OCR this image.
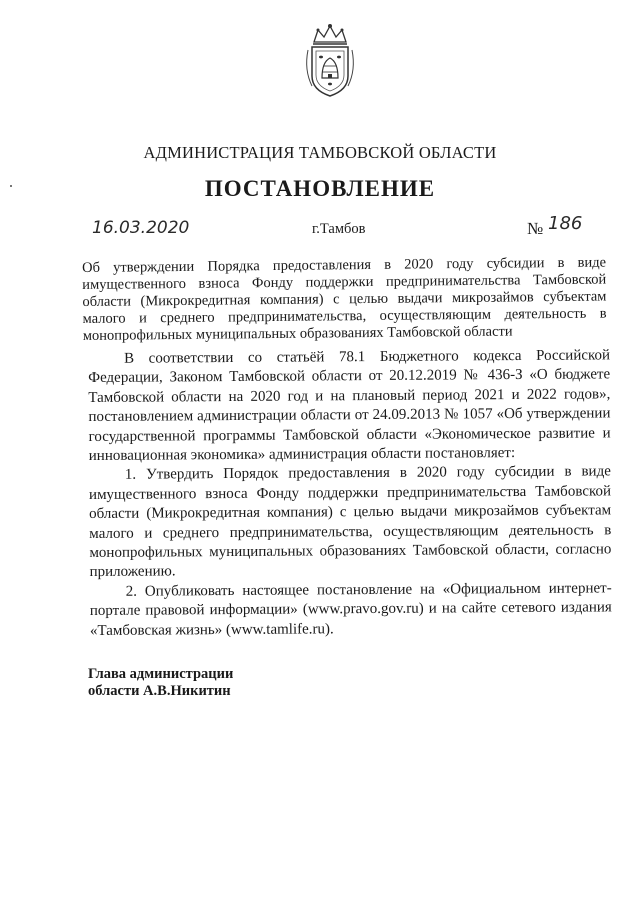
АДМИНИСТРАЦИЯ ТАМБОВСКОЙ ОБЛАСТИ
ПОСТАНОВЛЕНИЕ
16.03.2020	г.Тамбов	№ 186
Об утверждении Порядка предоставления в 2020 году субсидии в виде имущественного взноса Фонду поддержки предпринимательства Тамбовской области (Микрокредитная компания) с целью выдачи микрозаймов субъектам малого и среднего предпринимательства, осуществляющим деятельность в монопрофильных муниципальных образованиях Тамбовской области

В соответствии со статьёй 78.1 Бюджетного кодекса Российской Федерации, Законом Тамбовской области от 20.12.2019 № 436-З «О бюджете Тамбовской области на 2020 год и на плановый период 2021 и 2022 годов», постановлением администрации области от 24.09.2013 № 1057 «Об утверждении государственной программы Тамбовской области «Экономическое развитие и инновационная экономика» администрация области постановляет:

1. Утвердить Порядок предоставления в 2020 году субсидии в виде имущественного взноса Фонду поддержки предпринимательства Тамбовской области (Микрокредитная компания) с целью выдачи микрозаймов субъектам малого и среднего предпринимательства, осуществляющим деятельность в монопрофильных муниципальных образованиях Тамбовской области, согласно приложению.

2. Опубликовать настоящее постановление на «Официальном интернет-портале правовой информации» (www.pravo.gov.ru) и на сайте сетевого издания «Тамбовская жизнь» (www.tamlife.ru).

Глава администрации
области А.В.Никитин
